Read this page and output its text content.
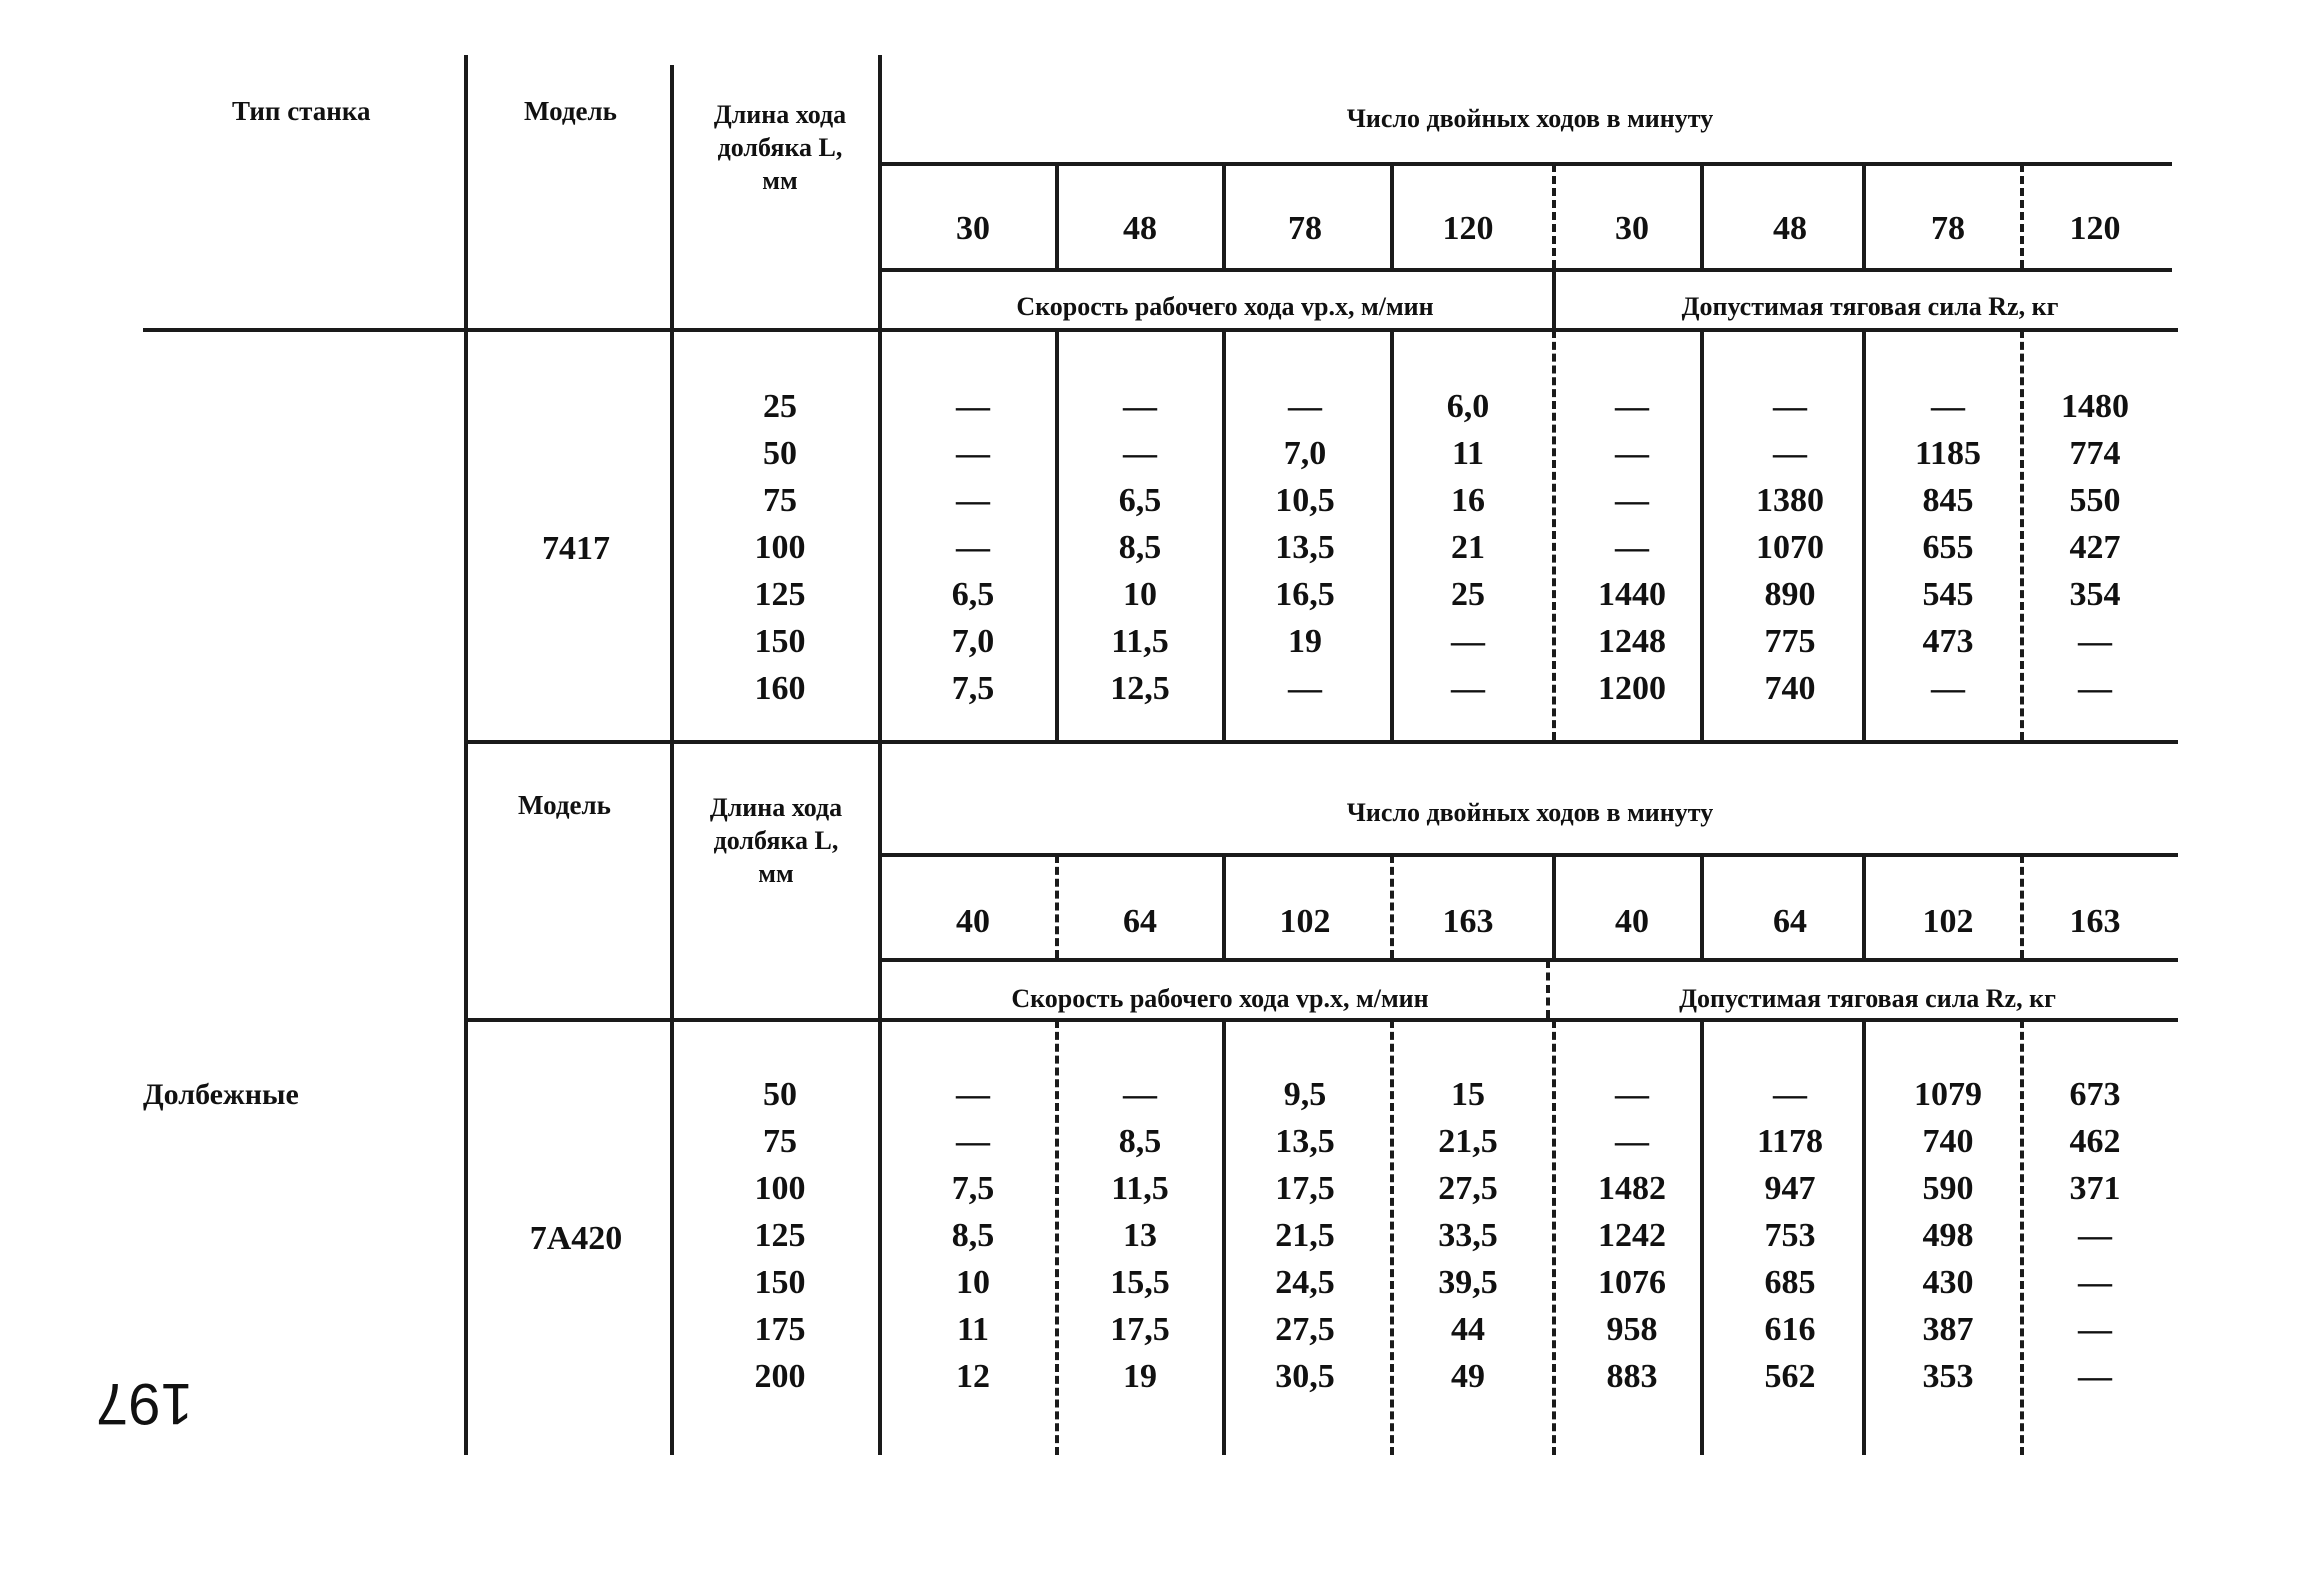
Тип станка	Модель	Длина хода
долбяка L,
мм
Число двойных ходов в минуту
Скорость рабочего хода vр.х, м/мин	Допустимая тяговая сила Rz, кг
30	48	78	120	30	48	78	120
7417
25	—	—	—	6,0	—	—	—	1480
50	—	—	7,0	11	—	—	1185	774
75	—	6,5	10,5	16	—	1380	845	550
100	—	8,5	13,5	21	—	1070	655	427
125	6,5	10	16,5	25	1440	890	545	354
150	7,0	11,5	19	—	1248	775	473	—
160	7,5	12,5	—	—	1200	740	—	—
Модель	Длина хода
долбяка L,
мм
Число двойных ходов в минуту
Скорость рабочего хода vр.х, м/мин	Допустимая тяговая сила Rz, кг
Долбежные
40	64	102	163	40	64	102	163
7А420
50	—	—	9,5	15	—	—	1079	673
75	—	8,5	13,5	21,5	—	1178	740	462
100	7,5	11,5	17,5	27,5	1482	947	590	371
125	8,5	13	21,5	33,5	1242	753	498	—
150	10	15,5	24,5	39,5	1076	685	430	—
175	11	17,5	27,5	44	958	616	387	—
200	12	19	30,5	49	883	562	353	—
197
